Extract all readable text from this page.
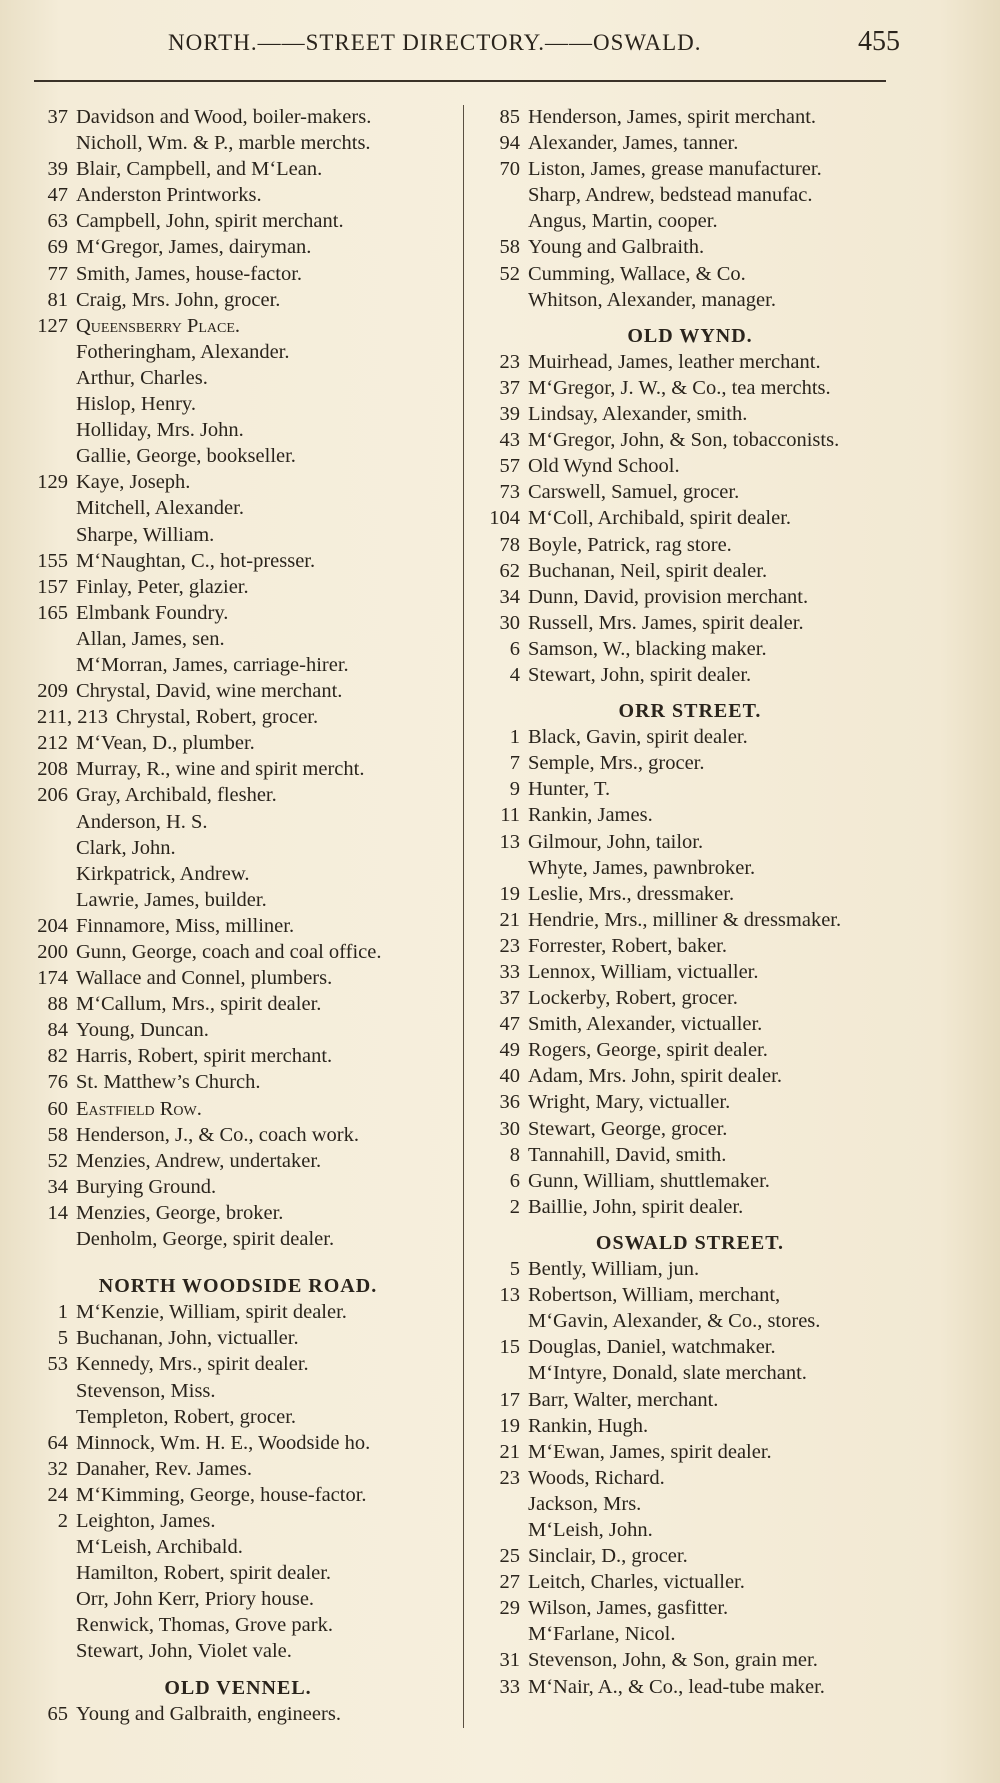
NORTH.——STREET DIRECTORY.——OSWALD.	455
37 Davidson and Wood, boiler-makers.
Nicholl, Wm. & P., marble merchts.
39 Blair, Campbell, and M‘Lean.
47 Anderston Printworks.
63 Campbell, John, spirit merchant.
69 M‘Gregor, James, dairyman.
77 Smith, James, house-factor.
81 Craig, Mrs. John, grocer.
127 Queensberry Place.
Fotheringham, Alexander.
Arthur, Charles.
Hislop, Henry.
Holliday, Mrs. John.
Gallie, George, bookseller.
129 Kaye, Joseph.
Mitchell, Alexander.
Sharpe, William.
155 M‘Naughtan, C., hot-presser.
157 Finlay, Peter, glazier.
165 Elmbank Foundry.
Allan, James, sen.
M‘Morran, James, carriage-hirer.
209 Chrystal, David, wine merchant.
211, 213 Chrystal, Robert, grocer.
212 M‘Vean, D., plumber.
208 Murray, R., wine and spirit mercht.
206 Gray, Archibald, flesher.
Anderson, H. S.
Clark, John.
Kirkpatrick, Andrew.
Lawrie, James, builder.
204 Finnamore, Miss, milliner.
200 Gunn, George, coach and coal office.
174 Wallace and Connel, plumbers.
88 M‘Callum, Mrs., spirit dealer.
84 Young, Duncan.
82 Harris, Robert, spirit merchant.
76 St. Matthew’s Church.
60 Eastfield Row.
58 Henderson, J., & Co., coach work.
52 Menzies, Andrew, undertaker.
34 Burying Ground.
14 Menzies, George, broker.
Denholm, George, spirit dealer.
NORTH WOODSIDE ROAD.
1 M‘Kenzie, William, spirit dealer.
5 Buchanan, John, victualler.
53 Kennedy, Mrs., spirit dealer.
Stevenson, Miss.
Templeton, Robert, grocer.
64 Minnock, Wm. H. E., Woodside ho.
32 Danaher, Rev. James.
24 M‘Kimming, George, house-factor.
2 Leighton, James.
M‘Leish, Archibald.
Hamilton, Robert, spirit dealer.
Orr, John Kerr, Priory house.
Renwick, Thomas, Grove park.
Stewart, John, Violet vale.
OLD VENNEL.
65 Young and Galbraith, engineers.
85 Henderson, James, spirit merchant.
94 Alexander, James, tanner.
70 Liston, James, grease manufacturer.
Sharp, Andrew, bedstead manufac.
Angus, Martin, cooper.
58 Young and Galbraith.
52 Cumming, Wallace, & Co.
Whitson, Alexander, manager.
OLD WYND.
23 Muirhead, James, leather merchant.
37 M‘Gregor, J. W., & Co., tea merchts.
39 Lindsay, Alexander, smith.
43 M‘Gregor, John, & Son, tobacconists.
57 Old Wynd School.
73 Carswell, Samuel, grocer.
104 M‘Coll, Archibald, spirit dealer.
78 Boyle, Patrick, rag store.
62 Buchanan, Neil, spirit dealer.
34 Dunn, David, provision merchant.
30 Russell, Mrs. James, spirit dealer.
6 Samson, W., blacking maker.
4 Stewart, John, spirit dealer.
ORR STREET.
1 Black, Gavin, spirit dealer.
7 Semple, Mrs., grocer.
9 Hunter, T.
11 Rankin, James.
13 Gilmour, John, tailor.
Whyte, James, pawnbroker.
19 Leslie, Mrs., dressmaker.
21 Hendrie, Mrs., milliner & dressmaker.
23 Forrester, Robert, baker.
33 Lennox, William, victualler.
37 Lockerby, Robert, grocer.
47 Smith, Alexander, victualler.
49 Rogers, George, spirit dealer.
40 Adam, Mrs. John, spirit dealer.
36 Wright, Mary, victualler.
30 Stewart, George, grocer.
8 Tannahill, David, smith.
6 Gunn, William, shuttlemaker.
2 Baillie, John, spirit dealer.
OSWALD STREET.
5 Bently, William, jun.
13 Robertson, William, merchant,
M‘Gavin, Alexander, & Co., stores.
15 Douglas, Daniel, watchmaker.
M‘Intyre, Donald, slate merchant.
17 Barr, Walter, merchant.
19 Rankin, Hugh.
21 M‘Ewan, James, spirit dealer.
23 Woods, Richard.
Jackson, Mrs.
M‘Leish, John.
25 Sinclair, D., grocer.
27 Leitch, Charles, victualler.
29 Wilson, James, gasfitter.
M‘Farlane, Nicol.
31 Stevenson, John, & Son, grain mer.
33 M‘Nair, A., & Co., lead-tube maker.
